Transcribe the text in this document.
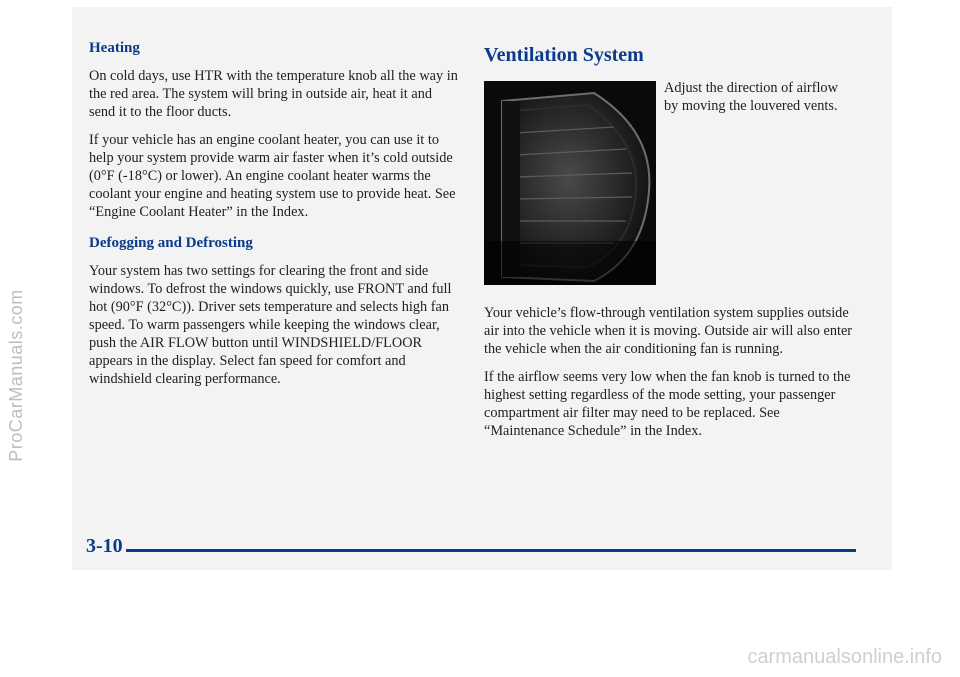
Heating

On cold days, use HTR with the temperature knob all the way in the red area. The system will bring in outside air, heat it and send it to the floor ducts.

If your vehicle has an engine coolant heater, you can use it to help your system provide warm air faster when it’s cold outside (0°F (-18°C) or lower). An engine coolant heater warms the coolant your engine and heating system use to provide heat. See “Engine Coolant Heater” in the Index.

Defogging and Defrosting

Your system has two settings for clearing the front and side windows. To defrost the windows quickly, use FRONT and full hot (90°F (32°C)). Driver sets temperature and selects high fan speed. To warm passengers while keeping the windows clear, push the AIR FLOW button until WINDSHIELD/FLOOR appears in the display. Select fan speed for comfort and windshield clearing performance.

Ventilation System
Adjust the direction of airflow by moving the louvered vents.

Your vehicle’s flow-through ventilation system supplies outside air into the vehicle when it is moving. Outside air will also enter the vehicle when the air conditioning fan is running.

If the airflow seems very low when the fan knob is turned to the highest setting regardless of the mode setting, your passenger compartment air filter may need to be replaced. See “Maintenance Schedule” in the Index.

3-10
ProCarManuals.com
carmanualsonline.info
